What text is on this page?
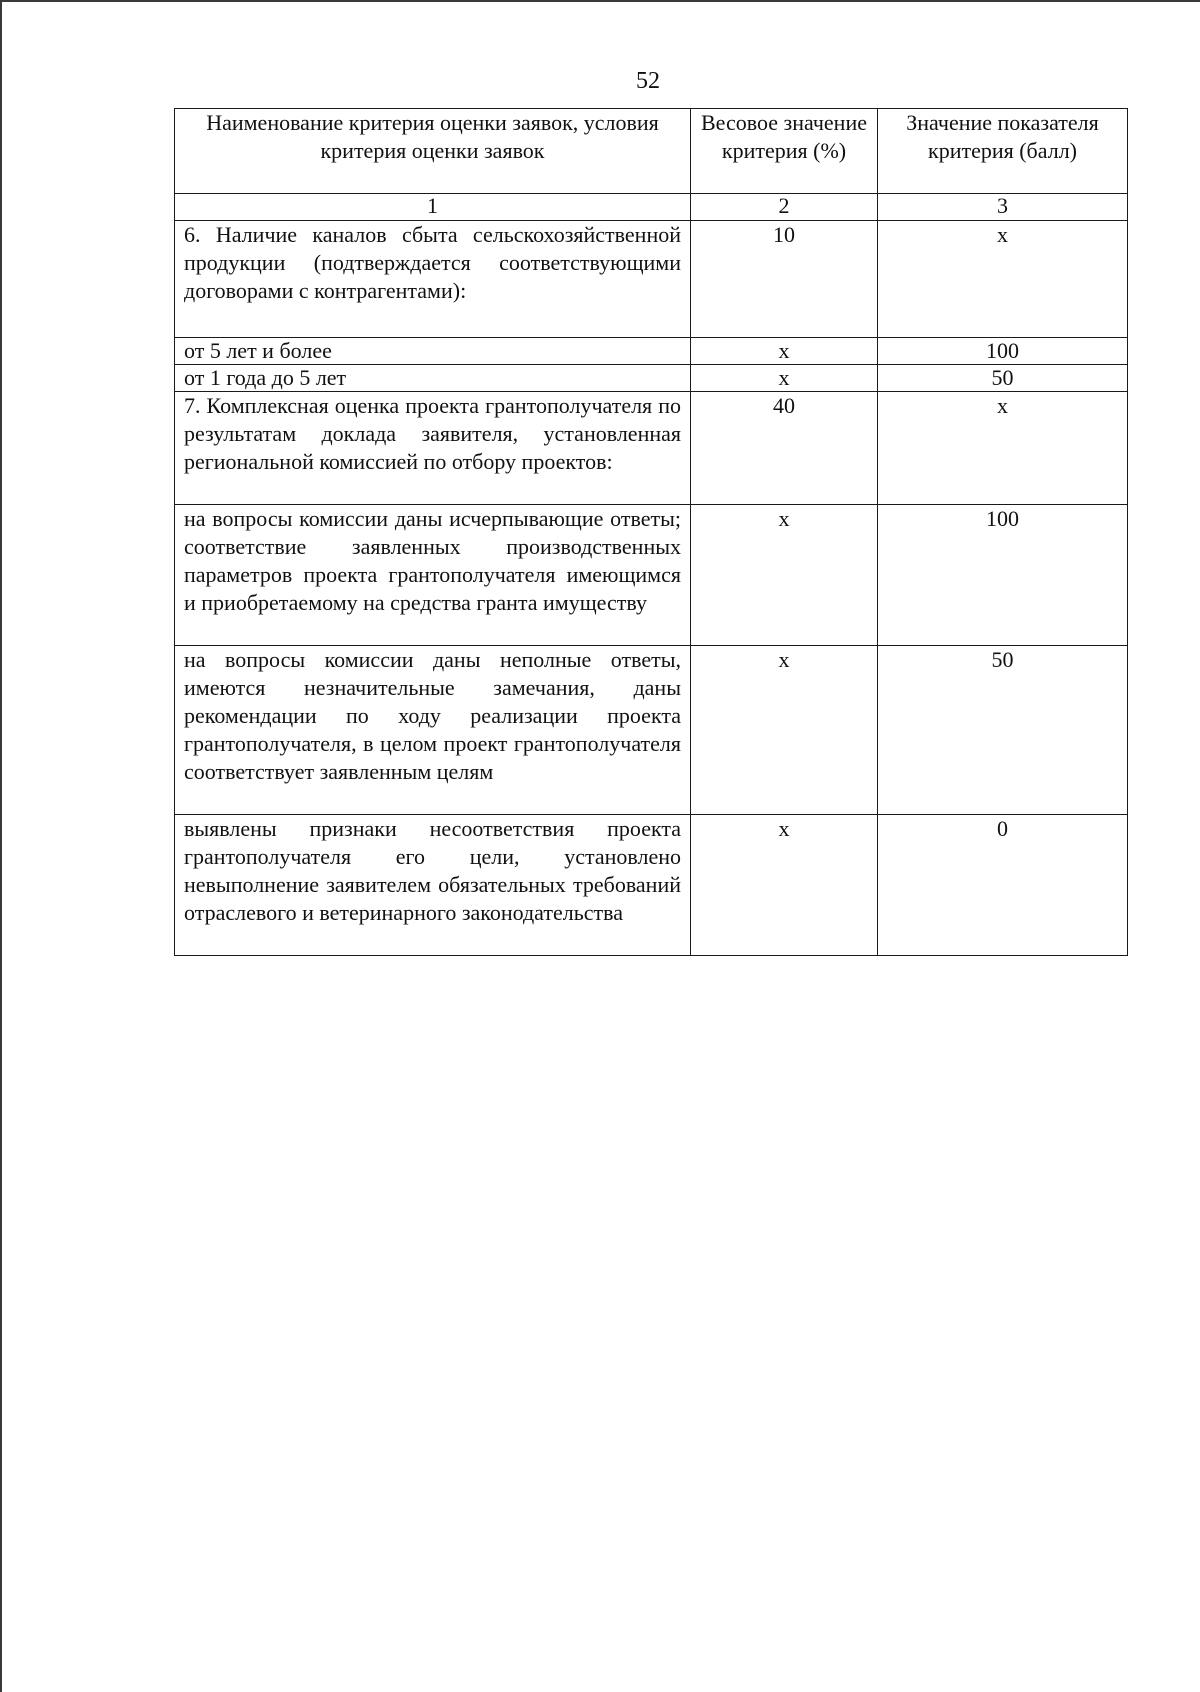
52
Наименование критерия оценки заявок, условия критерия оценки заявок	Весовое значение критерия (%)	Значение показателя критерия (балл)
1	2	3
6. Наличие каналов сбыта сельскохозяйственной продукции (подтверждается соответствующими договорами с контрагентами):	10	х
от 5 лет и более	х	100
от 1 года до 5 лет	х	50
7. Комплексная оценка проекта грантополучателя по результатам доклада заявителя, установленная региональной комиссией по отбору проектов:	40	х
на вопросы комиссии даны исчерпывающие ответы; соответствие заявленных производственных параметров проекта грантополучателя имеющимся и приобретаемому на средства гранта имуществу	х	100
на вопросы комиссии даны неполные ответы, имеются незначительные замечания, даны рекомендации по ходу реализации проекта грантополучателя, в целом проект грантополучателя соответствует заявленным целям	х	50
выявлены признаки несоответствия проекта грантополучателя его цели, установлено невыполнение заявителем обязательных требований отраслевого и ветеринарного законодательства	х	0
